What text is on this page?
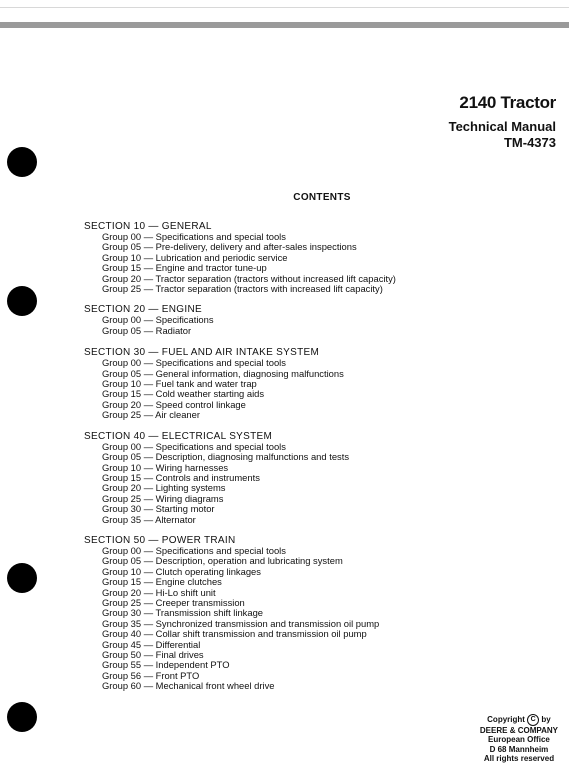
2140 Tractor
Technical Manual
TM-4373
CONTENTS
SECTION 10 — GENERAL
Group 00 — Specifications and special tools
Group 05 — Pre-delivery, delivery and after-sales inspections
Group 10 — Lubrication and periodic service
Group 15 — Engine and tractor tune-up
Group 20 — Tractor separation (tractors without increased lift capacity)
Group 25 — Tractor separation (tractors with increased lift capacity)
SECTION 20 — ENGINE
Group 00 — Specifications
Group 05 — Radiator
SECTION 30 — FUEL AND AIR INTAKE SYSTEM
Group 00 — Specifications and special tools
Group 05 — General information, diagnosing malfunctions
Group 10 — Fuel tank and water trap
Group 15 — Cold weather starting aids
Group 20 — Speed control linkage
Group 25 — Air cleaner
SECTION 40 — ELECTRICAL SYSTEM
Group 00 — Specifications and special tools
Group 05 — Description, diagnosing malfunctions and tests
Group 10 — Wiring harnesses
Group 15 — Controls and instruments
Group 20 — Lighting systems
Group 25 — Wiring diagrams
Group 30 — Starting motor
Group 35 — Alternator
SECTION 50 — POWER TRAIN
Group 00 — Specifications and special tools
Group 05 — Description, operation and lubricating system
Group 10 — Clutch operating linkages
Group 15 — Engine clutches
Group 20 — Hi-Lo shift unit
Group 25 — Creeper transmission
Group 30 — Transmission shift linkage
Group 35 — Synchronized transmission and transmission oil pump
Group 40 — Collar shift transmission and transmission oil pump
Group 45 — Differential
Group 50 — Final drives
Group 55 — Independent PTO
Group 56 — Front PTO
Group 60 — Mechanical front wheel drive
Copyright C by
DEERE & COMPANY
European Office
D 68 Mannheim
All rights reserved
